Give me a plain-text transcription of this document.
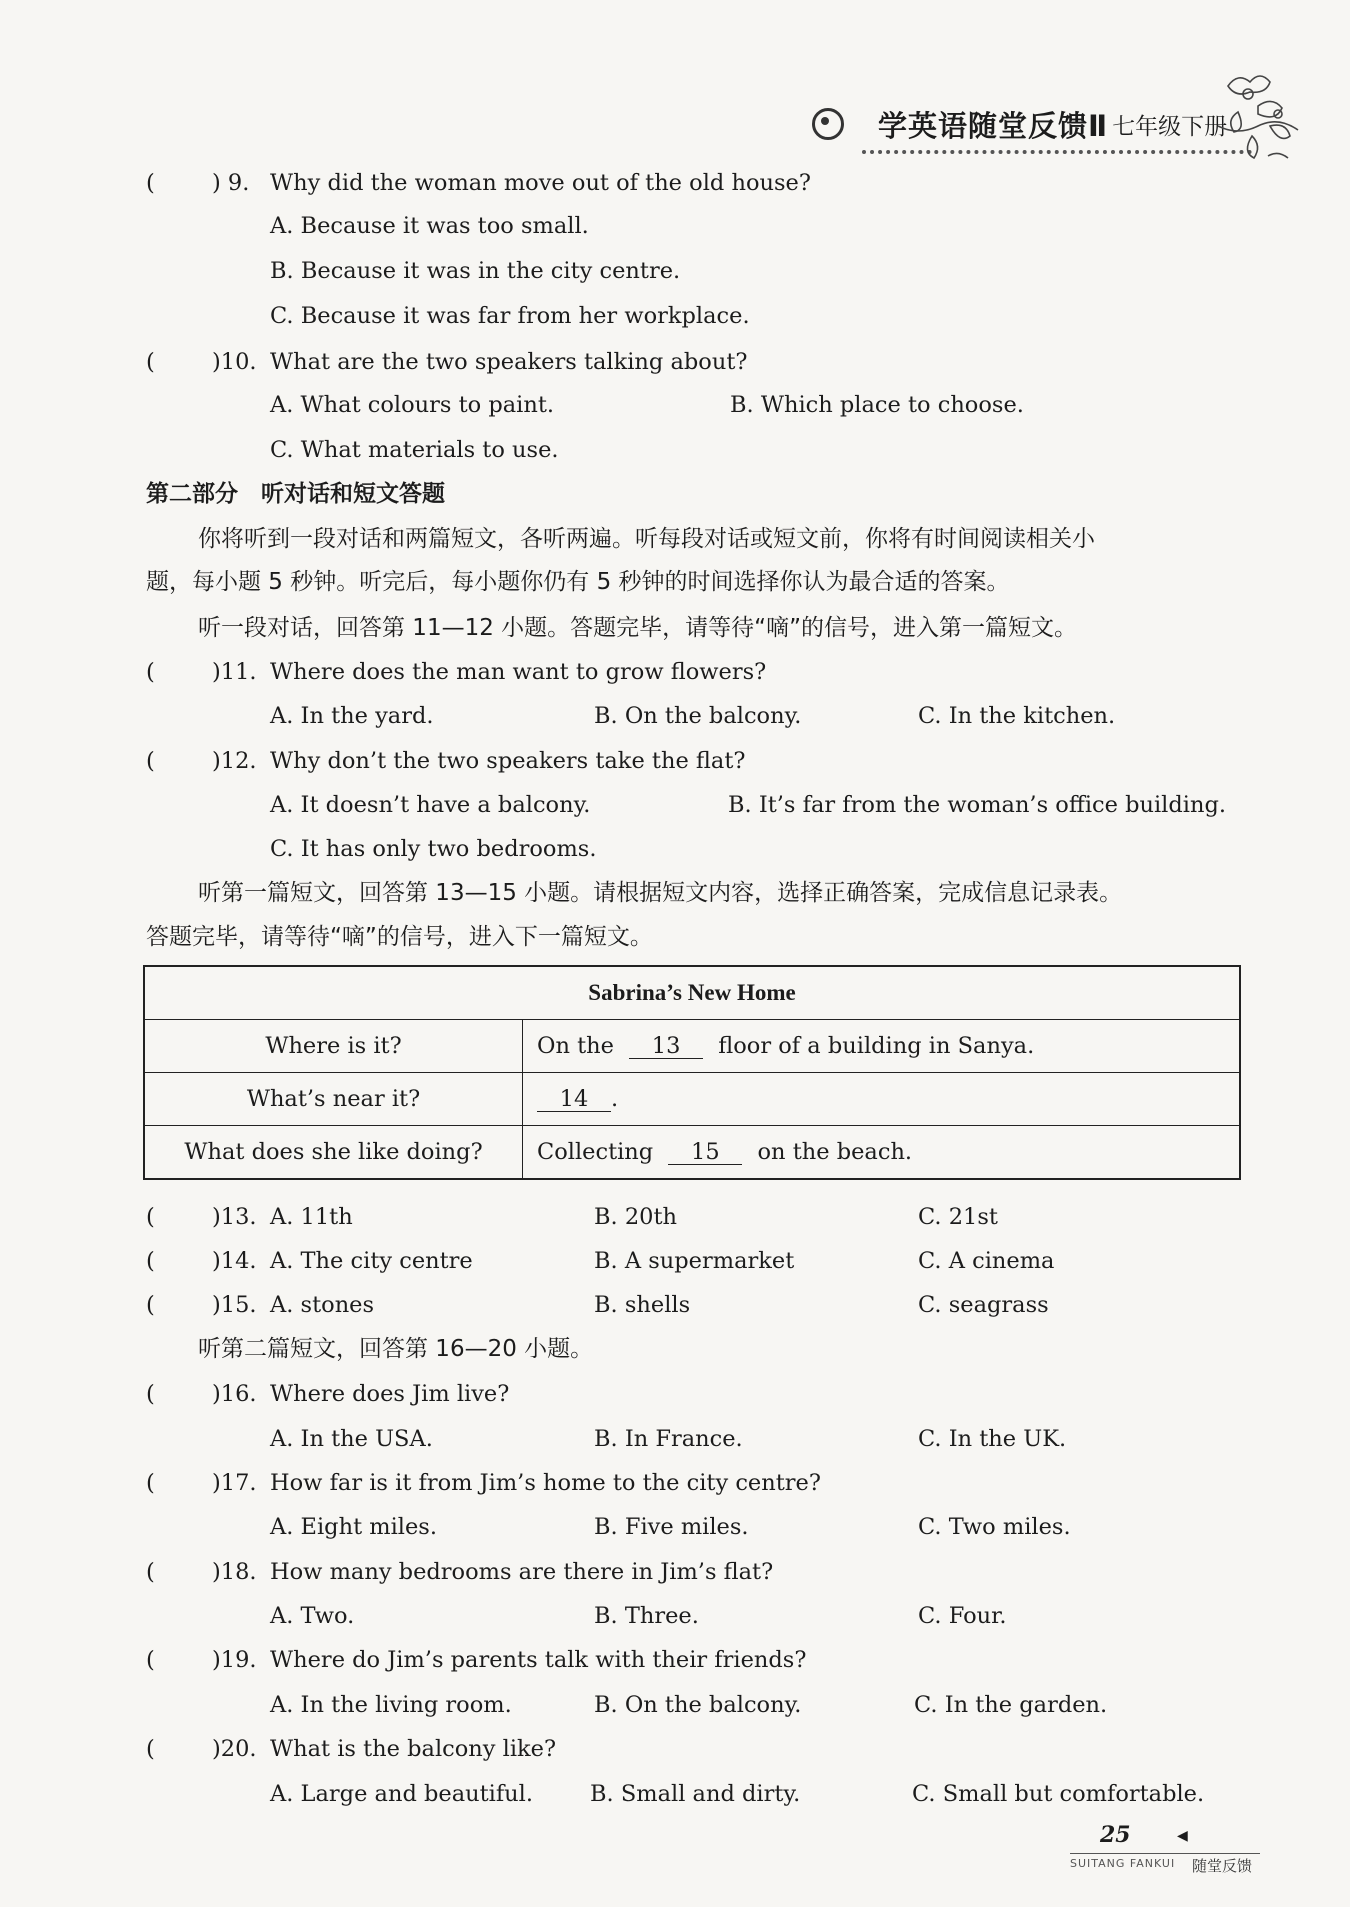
学英语随堂反馈Ⅱ 七年级下册
(	) 9. Why did the woman move out of the old house?
A. Because it was too small.
B. Because it was in the city centre.
C. Because it was far from her workplace.
(	)10. What are the two speakers talking about?
A. What colours to paint.	B. Which place to choose.
C. What materials to use.
第二部分　听对话和短文答题
你将听到一段对话和两篇短文，各听两遍。听每段对话或短文前，你将有时间阅读相关小
题，每小题 5 秒钟。听完后，每小题你仍有 5 秒钟的时间选择你认为最合适的答案。
听一段对话，回答第 11—12 小题。答题完毕，请等待“嘀”的信号，进入第一篇短文。
(	)11. Where does the man want to grow flowers?
A. In the yard.	B. On the balcony.	C. In the kitchen.
(	)12. Why don’t the two speakers take the flat?
A. It doesn’t have a balcony.	B. It’s far from the woman’s office building.
C. It has only two bedrooms.
听第一篇短文，回答第 13—15 小题。请根据短文内容，选择正确答案，完成信息记录表。
答题完毕，请等待“嘀”的信号，进入下一篇短文。
Sabrina’s New Home	
Where is it?	On the 13 floor of a building in Sanya.
What’s near it?	14 .
What does she like doing?	Collecting 15 on the beach.
(	)13. A. 11th	B. 20th	C. 21st
(	)14. A. The city centre	B. A supermarket	C. A cinema
(	)15. A. stones	B. shells	C. seagrass
听第二篇短文，回答第 16—20 小题。
(	)16. Where does Jim live?
A. In the USA.	B. In France.	C. In the UK.
(	)17. How far is it from Jim’s home to the city centre?
A. Eight miles.	B. Five miles.	C. Two miles.
(	)18. How many bedrooms are there in Jim’s flat?
A. Two.	B. Three.	C. Four.
(	)19. Where do Jim’s parents talk with their friends?
A. In the living room.	B. On the balcony.	C. In the garden.
(	)20. What is the balcony like?
A. Large and beautiful.	B. Small and dirty.	C. Small but comfortable.
25	◀
SUITANG FANKUI 随堂反馈
